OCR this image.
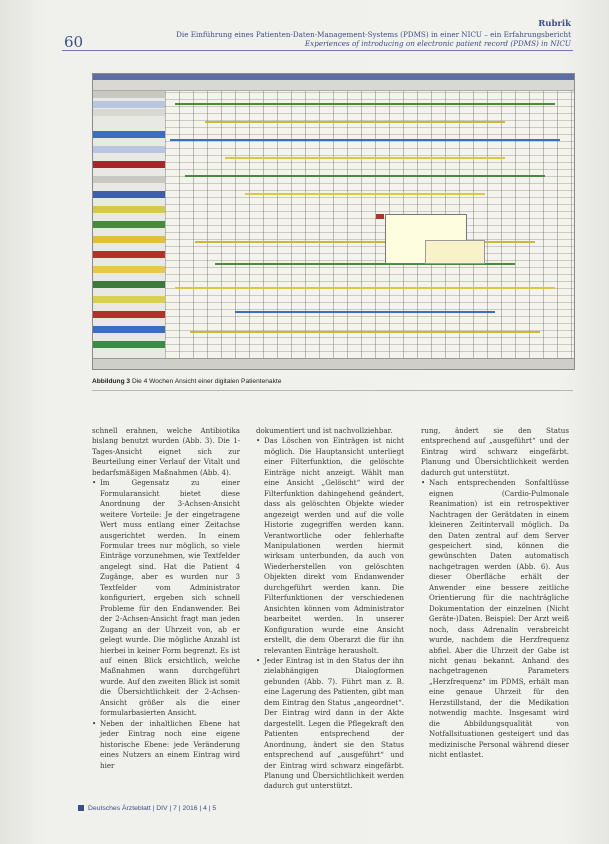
60
Rubrik
Die Einführung eines Patienten-Daten-Management-Systems (PDMS) in einer NICU – ein Erfahrungsbericht
Experiences of introducing on electronic patient record (PDMS) in NICU
Abbildung 3 Die 4 Wochen Ansicht einer digitalen Patientenakte

schnell erahnen, welche Antibiotika bislang benutzt wurden (Abb. 3). Die 1-Tages-Ansicht eignet sich zur Beurteilung einer Verlauf der Vitalt und bedarfsmäßigen Maßnahmen (Abb. 4).

• Im Gegensatz zu einer Formularansicht bietet diese Anordnung der 3-Achsen-Ansicht weitere Vorteile: Je der eingetragene Wert muss entlang einer Zeitachse ausgerichtet werden. In einem Formular trees nur möglich, so viele Einträge vorzunehmen, wie Textfelder angelegt sind. Hat die Patient 4 Zugänge, aber es wurden nur 3 Textfelder vom Administrator konfiguriert, ergeben sich schnell Probleme für den Endanwender. Bei der 2-Achsen-Ansicht fragt man jeden Zugang an der Uhrzeit von, ab er gelegt wurde. Die mögliche Anzahl ist hierbei in keiner Form begrenzt. Es ist auf einen Blick ersichtlich, welche Maßnahmen wann durchgeführt wurde. Auf den zweiten Blick ist somit die Übersichtlichkeit der 2-Achsen-Ansicht größer als die einer formularbasierten Ansicht.

• Neben der inhaltlichen Ebene hat jeder Eintrag noch eine eigene historische Ebene: jede Veränderung eines Nutzers an einem Eintrag wird hier

dokumentiert und ist nachvollziehbar.

• Das Löschen von Einträgen ist nicht möglich. Die Hauptansicht unterliegt einer Filterfunktion, die gelöschte Einträge nicht anzeigt. Wählt man eine Ansicht „Gelöscht“ wird der Filterfunktion dahingehend geändert, dass als gelöschten Objekte wieder angezeigt werden und auf die volle Historie zugegriffen werden kann. Verantwortliche oder fehlerhafte Manipulationen werden hiermit wirksam unterbunden, da auch von Wiederherstellen von gelöschten Objekten direkt vom Endanwender durchgeführt werden kann. Die Filterfunktionen der verschiedenen Ansichten können vom Administrator bearbeitet werden. In unserer Konfiguration wurde eine Ansicht erstellt, die dem Oberarzt die für ihn relevanten Einträge herausholt.

• Jeder Eintrag ist in den Status der ihn zielabhängigen Dialogformen gebunden (Abb. 7). Führt man z. B. eine Lagerung des Patienten, gibt man dem Eintrag den Status „angeordnet“. Der Eintrag wird dann in der Akte dargestellt. Legen die Pflegekraft den Patienten entsprechend der Anordnung, ändert sie den Status entsprechend auf „ausgeführt“ und der Eintrag wird schwarz eingefärbt. Planung und Übersichtlichkeit werden dadurch gut unterstützt.

rung, ändert sie den Status entsprechend auf „ausgeführt“ und der Eintrag wird schwarz eingefärbt. Planung und Übersichtlichkeit werden dadurch gut unterstützt.

• Nach entsprechenden Sonfaltlüsse eignen (Cardio-Pulmonale Reanimation) ist ein retrospektiver Nachtragen der Gerätdaten in einem kleineren Zeitintervall möglich. Da den Daten zentral auf dem Server gespeichert sind, können die gewünschten Daten automatisch nachgetragen werden (Abb. 6). Aus dieser Oberfläche erhält der Anwender eine bessere zeitliche Orientierung für die nachträgliche Dokumentation der einzelnen (Nicht Geräte-)Daten. Beispiel: Der Arzt weiß noch, dass Adrenalin verabreicht wurde, nachdem die Herzfrequenz abfiel. Aber die Uhrzeit der Gabe ist nicht genau bekannt. Anhand des nachgetragenen Parameters „Herzfrequenz“ im PDMS, erhält man eine genaue Uhrzeit für den Herzstillstand, der die Medikation notwendig machte. Insgesamt wird die Abbildungsqualität von Notfallsituationen gesteigert und das medizinische Personal während dieser nicht entlastet.

Deutsches Ärzteblatt | DIV | 7 | 2016 | 4 | 5
